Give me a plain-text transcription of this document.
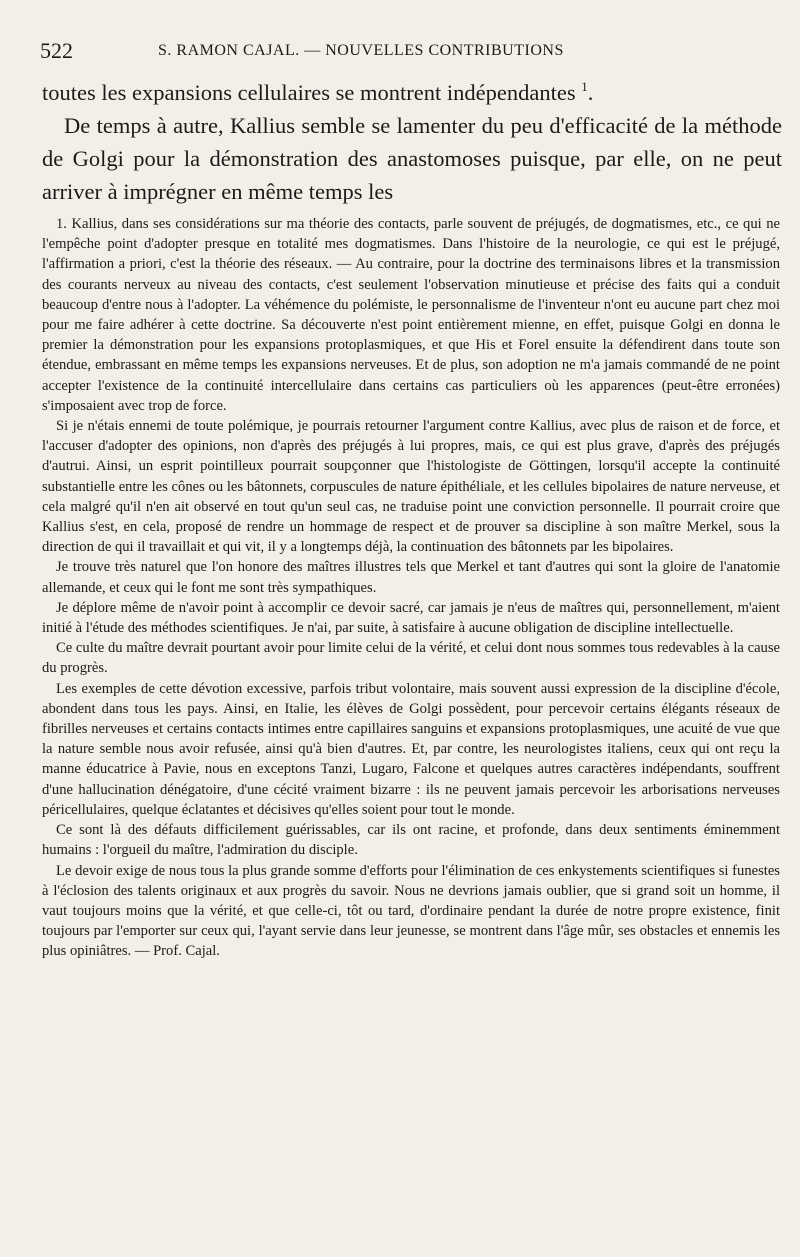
522	S. RAMON CAJAL. — NOUVELLES CONTRIBUTIONS

toutes les expansions cellulaires se montrent indépendantes $^1$.

De temps à autre, Kallius semble se lamenter du peu d'efficacité de la méthode de Golgi pour la démonstration des anastomoses puisque, par elle, on ne peut arriver à imprégner en même temps les

1. Kallius, dans ses considérations sur ma théorie des contacts, parle souvent de préjugés, de dogmatismes, etc., ce qui ne l'empêche point d'adopter presque en totalité mes dogmatismes. Dans l'histoire de la neurologie, ce qui est le préjugé, l'affirmation a priori, c'est la théorie des réseaux. — Au contraire, pour la doctrine des terminaisons libres et la transmission des courants nerveux au niveau des contacts, c'est seulement l'observation minutieuse et précise des faits qui a conduit beaucoup d'entre nous à l'adopter. La véhémence du polémiste, le personnalisme de l'inventeur n'ont eu aucune part chez moi pour me faire adhérer à cette doctrine. Sa découverte n'est point entièrement mienne, en effet, puisque Golgi en donna le premier la démonstration pour les expansions protoplasmiques, et que His et Forel ensuite la défendirent dans toute son étendue, embrassant en même temps les expansions nerveuses. Et de plus, son adoption ne m'a jamais commandé de ne point accepter l'existence de la continuité intercellulaire dans certains cas particuliers où les apparences (peut-être erronées) s'imposaient avec trop de force.

Si je n'étais ennemi de toute polémique, je pourrais retourner l'argument contre Kallius, avec plus de raison et de force, et l'accuser d'adopter des opinions, non d'après des préjugés à lui propres, mais, ce qui est plus grave, d'après des préjugés d'autrui. Ainsi, un esprit pointilleux pourrait soupçonner que l'histologiste de Göttingen, lorsqu'il accepte la continuité substantielle entre les cônes ou les bâtonnets, corpuscules de nature épithéliale, et les cellules bipolaires de nature nerveuse, et cela malgré qu'il n'en ait observé en tout qu'un seul cas, ne traduise point une conviction personnelle. Il pourrait croire que Kallius s'est, en cela, proposé de rendre un hommage de respect et de prouver sa discipline à son maître Merkel, sous la direction de qui il travaillait et qui vit, il y a longtemps déjà, la continuation des bâtonnets par les bipolaires.

Je trouve très naturel que l'on honore des maîtres illustres tels que Merkel et tant d'autres qui sont la gloire de l'anatomie allemande, et ceux qui le font me sont très sympathiques.

Je déplore même de n'avoir point à accomplir ce devoir sacré, car jamais je n'eus de maîtres qui, personnellement, m'aient initié à l'étude des méthodes scientifiques. Je n'ai, par suite, à satisfaire à aucune obligation de discipline intellectuelle.

Ce culte du maître devrait pourtant avoir pour limite celui de la vérité, et celui dont nous sommes tous redevables à la cause du progrès.

Les exemples de cette dévotion excessive, parfois tribut volontaire, mais souvent aussi expression de la discipline d'école, abondent dans tous les pays. Ainsi, en Italie, les élèves de Golgi possèdent, pour percevoir certains élégants réseaux de fibrilles nerveuses et certains contacts intimes entre capillaires sanguins et expansions protoplasmiques, une acuité de vue que la nature semble nous avoir refusée, ainsi qu'à bien d'autres. Et, par contre, les neurologistes italiens, ceux qui ont reçu la manne éducatrice à Pavie, nous en exceptons Tanzi, Lugaro, Falcone et quelques autres caractères indépendants, souffrent d'une hallucination dénégatoire, d'une cécité vraiment bizarre : ils ne peuvent jamais percevoir les arborisations nerveuses péricellulaires, quelque éclatantes et décisives qu'elles soient pour tout le monde.

Ce sont là des défauts difficilement guérissables, car ils ont racine, et profonde, dans deux sentiments éminemment humains : l'orgueil du maître, l'admiration du disciple.

Le devoir exige de nous tous la plus grande somme d'efforts pour l'élimination de ces enkystements scientifiques si funestes à l'éclosion des talents originaux et aux progrès du savoir. Nous ne devrions jamais oublier, que si grand soit un homme, il vaut toujours moins que la vérité, et que celle-ci, tôt ou tard, d'ordinaire pendant la durée de notre propre existence, finit toujours par l'emporter sur ceux qui, l'ayant servie dans leur jeunesse, se montrent dans l'âge mûr, ses obstacles et ennemis les plus opiniâtres. — Prof. Cajal.
